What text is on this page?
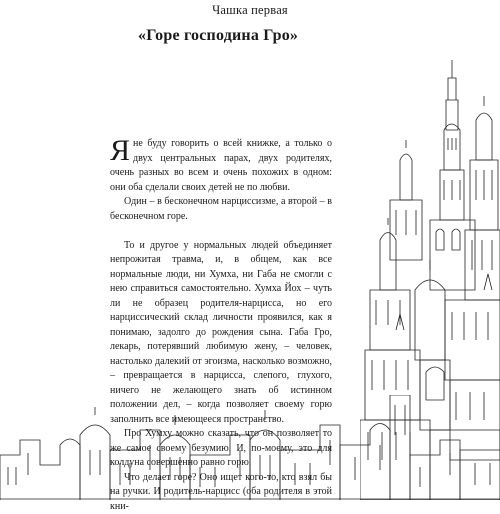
Чашка первая
«Горе господина Гро»

Яне буду говорить о всей книжке, а только о двух центральных парах, двух родителях, очень разных во всем и очень похожих в одном: они оба сделали своих детей не по любви.

Один – в бесконечном нарциссизме, а второй – в бесконечном горе.

То и другое у нормальных людей объединяет непрожитая травма, и, в общем, как все нормальные люди, ни Хумха, ни Габа не смогли с нею справиться самостоятельно. Хумха Йох – чуть ли не образец родителя-нарцисса, но его нарциссический склад личности проявился, как я понимаю, задолго до рождения сына. Габа Гро, лекарь, потерявший любимую жену, – человек, настолько далекий от эгоизма, насколько возможно, – превращается в нарцисса, слепого, глухого, ничего не желающего знать об истинном положении дел, – когда позволяет своему горю заполнить все имеющееся пространство.

Про Хумху можно сказать, что он позволяет то же самое своему безумию. И, по-моему, это для колдуна совершенно равно горю.

Что делает горе? Оно ищет кого-то, кто взял бы на ручки. И родитель-нарцисс (оба родителя в этой кни-
